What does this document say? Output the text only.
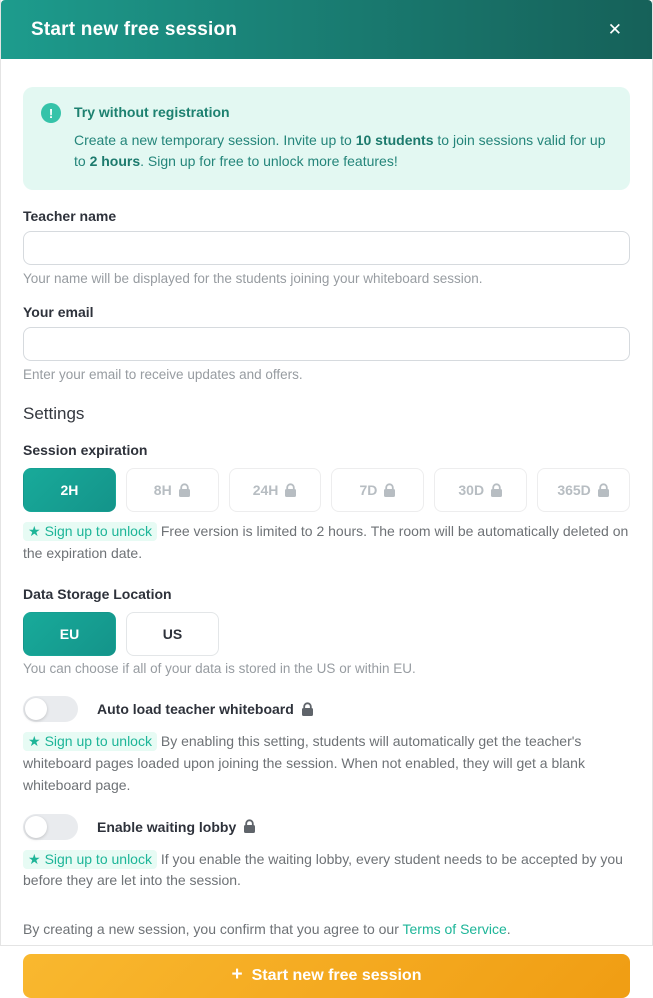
Start new free session	✕
!	Try without registration
Create a new temporary session. Invite up to 10 students to join sessions valid for up to 2 hours. Sign up for free to unlock more features!
Teacher name
Your name will be displayed for the students joining your whiteboard session.
Your email
Enter your email to receive updates and offers.
Settings
Session expiration
2H	8H	24H	7D	30D	365D
★ Sign up to unlock Free version is limited to 2 hours. The room will be automatically deleted on the expiration date.
Data Storage Location
EU	US
You can choose if all of your data is stored in the US or within EU.
Auto load teacher whiteboard
★ Sign up to unlock By enabling this setting, students will automatically get the teacher's whiteboard pages loaded upon joining the session. When not enabled, they will get a blank whiteboard page.
Enable waiting lobby
★ Sign up to unlock If you enable the waiting lobby, every student needs to be accepted by you before they are let into the session.
By creating a new session, you confirm that you agree to our Terms of Service.
+ Start new free session
